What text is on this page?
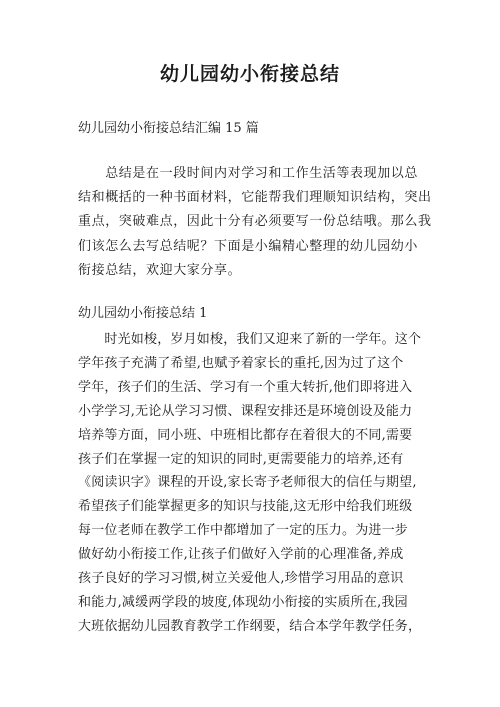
幼儿园幼小衔接总结
幼儿园幼小衔接总结汇编 15 篇
　　总结是在一段时间内对学习和工作生活等表现加以总
结和概括的一种书面材料，它能帮我们理顺知识结构，突出
重点，突破难点，因此十分有必须要写一份总结哦。那么我
们该怎么去写总结呢？下面是小编精心整理的幼儿园幼小
衔接总结，欢迎大家分享。
幼儿园幼小衔接总结 1
　　时光如梭，岁月如梭，我们又迎来了新的一学年。这个
学年孩子充满了希望,也赋予着家长的重托,因为过了这个
学年，孩子们的生活、学习有一个重大转折,他们即将进入
小学学习,无论从学习习惯、课程安排还是环境创设及能力
培养等方面，同小班、中班相比都存在着很大的不同,需要
孩子们在掌握一定的知识的同时,更需要能力的培养,还有
《阅读识字》课程的开设,家长寄予老师很大的信任与期望,
希望孩子们能掌握更多的知识与技能,这无形中给我们班级
每一位老师在教学工作中都增加了一定的压力。为进一步
做好幼小衔接工作,让孩子们做好入学前的心理准备,养成
孩子良好的学习习惯,树立关爱他人,珍惜学习用品的意识
和能力,减缓两学段的坡度,体现幼小衔接的实质所在,我园
大班依据幼儿园教育教学工作纲要，结合本学年教学任务，
